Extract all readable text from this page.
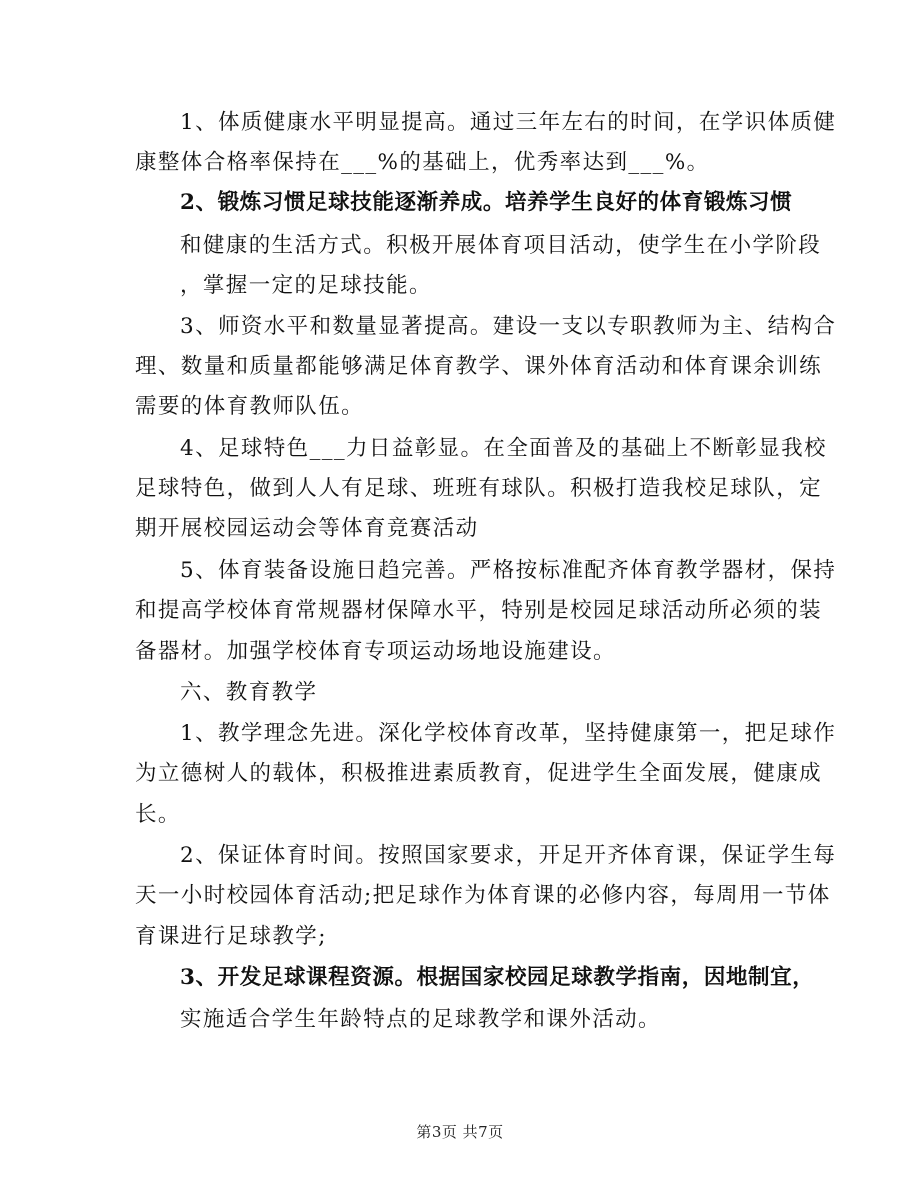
1、体质健康水平明显提高。通过三年左右的时间，在学识体质健
康整体合格率保持在___%的基础上，优秀率达到___%。
2、锻炼习惯足球技能逐渐养成。培养学生良好的体育锻炼习惯
和健康的生活方式。积极开展体育项目活动，使学生在小学阶段
，掌握一定的足球技能。
3、师资水平和数量显著提高。建设一支以专职教师为主、结构合
理、数量和质量都能够满足体育教学、课外体育活动和体育课余训练
需要的体育教师队伍。
4、足球特色___力日益彰显。在全面普及的基础上不断彰显我校
足球特色，做到人人有足球、班班有球队。积极打造我校足球队，定
期开展校园运动会等体育竞赛活动
5、体育装备设施日趋完善。严格按标准配齐体育教学器材，保持
和提高学校体育常规器材保障水平，特别是校园足球活动所必须的装
备器材。加强学校体育专项运动场地设施建设。
六、教育教学
1、教学理念先进。深化学校体育改革，坚持健康第一，把足球作
为立德树人的载体，积极推进素质教育，促进学生全面发展，健康成
长。
2、保证体育时间。按照国家要求，开足开齐体育课，保证学生每
天一小时校园体育活动;把足球作为体育课的必修内容，每周用一节体
育课进行足球教学;
3、开发足球课程资源。根据国家校园足球教学指南，因地制宜，
实施适合学生年龄特点的足球教学和课外活动。
第3页 共7页
